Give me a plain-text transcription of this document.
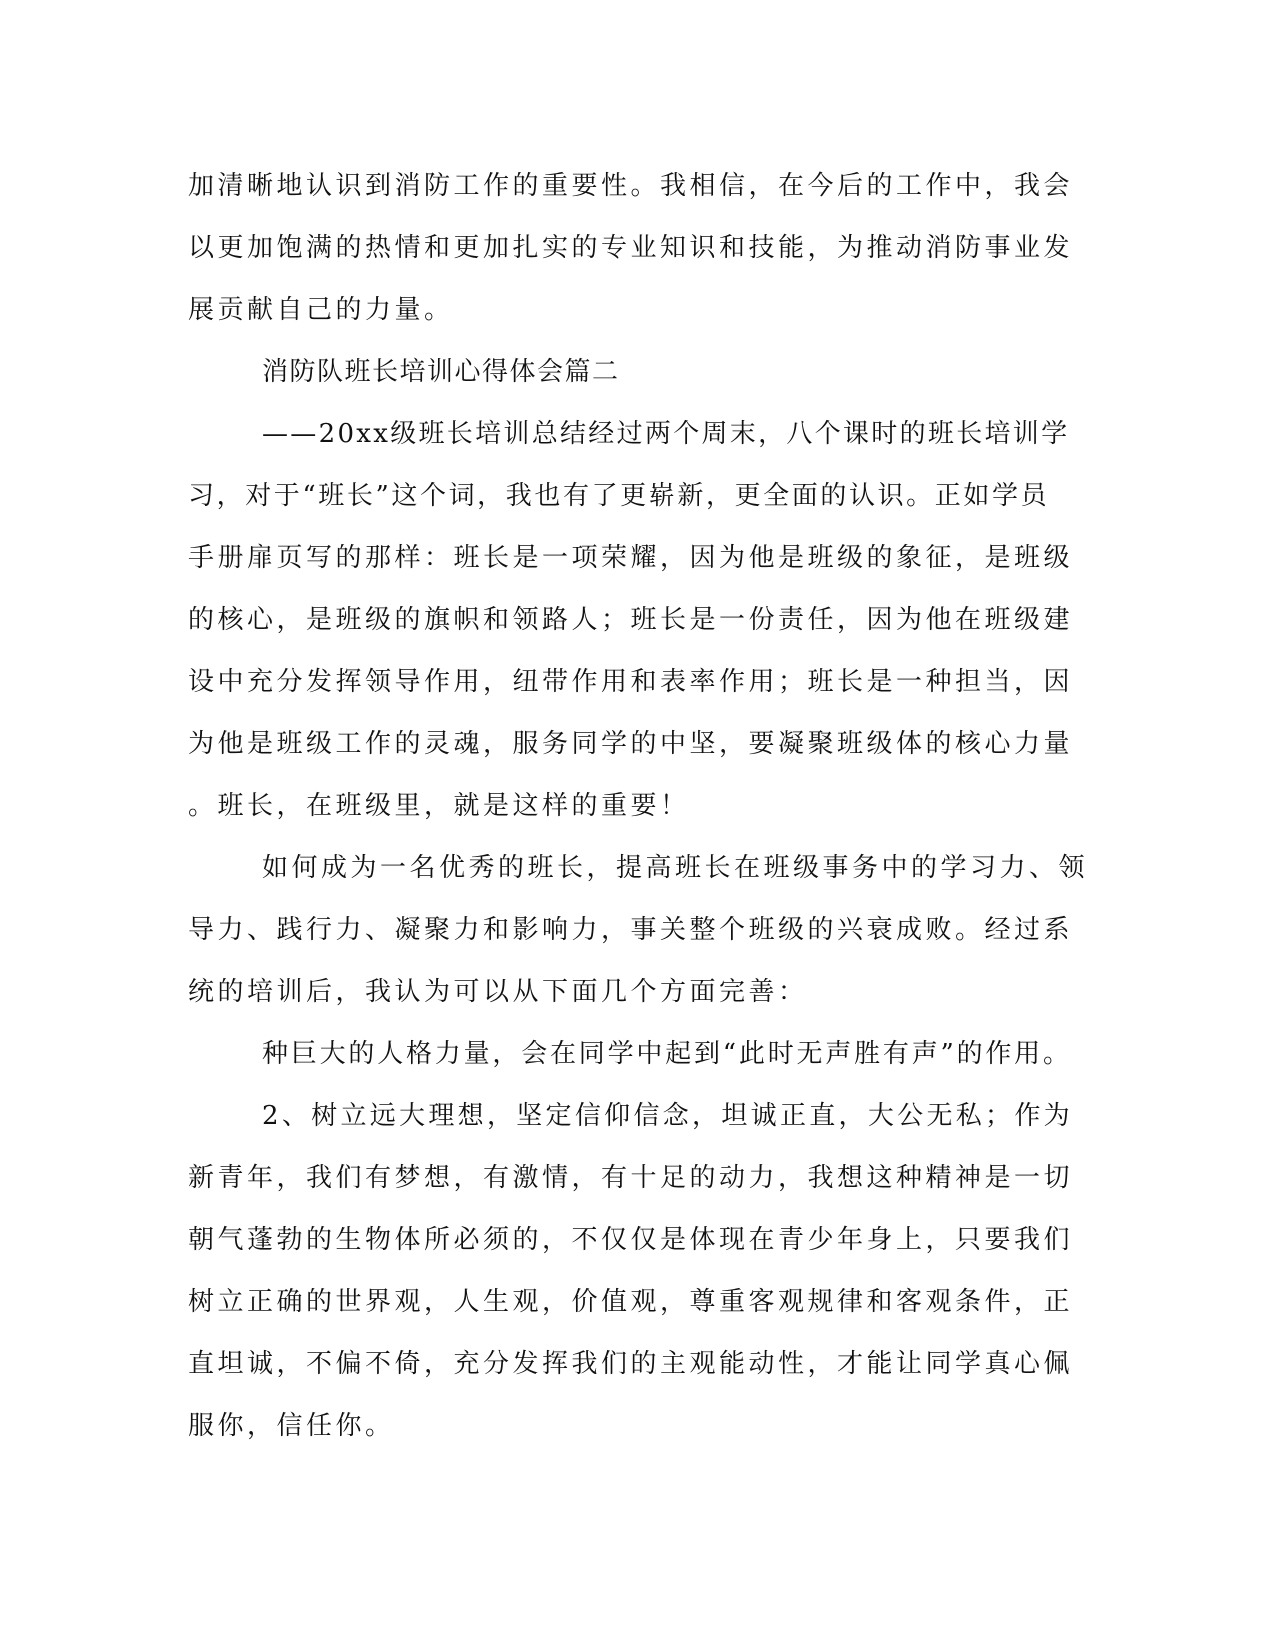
加清晰地认识到消防工作的重要性。我相信，在今后的工作中，我会

以更加饱满的热情和更加扎实的专业知识和技能，为推动消防事业发

展贡献自己的力量。

消防队班长培训心得体会篇二

——20xx级班长培训总结经过两个周末，八个课时的班长培训学

习，对于“班长”这个词，我也有了更崭新，更全面的认识。正如学员

手册扉页写的那样：班长是一项荣耀，因为他是班级的象征，是班级

的核心，是班级的旗帜和领路人；班长是一份责任，因为他在班级建

设中充分发挥领导作用，纽带作用和表率作用；班长是一种担当，因

为他是班级工作的灵魂，服务同学的中坚，要凝聚班级体的核心力量

。班长，在班级里，就是这样的重要！

如何成为一名优秀的班长，提高班长在班级事务中的学习力、领

导力、践行力、凝聚力和影响力，事关整个班级的兴衰成败。经过系

统的培训后，我认为可以从下面几个方面完善：

种巨大的人格力量，会在同学中起到“此时无声胜有声”的作用。

2、树立远大理想，坚定信仰信念，坦诚正直，大公无私；作为

新青年，我们有梦想，有激情，有十足的动力，我想这种精神是一切

朝气蓬勃的生物体所必须的，不仅仅是体现在青少年身上，只要我们

树立正确的世界观，人生观，价值观，尊重客观规律和客观条件，正

直坦诚，不偏不倚，充分发挥我们的主观能动性，才能让同学真心佩

服你，信任你。
